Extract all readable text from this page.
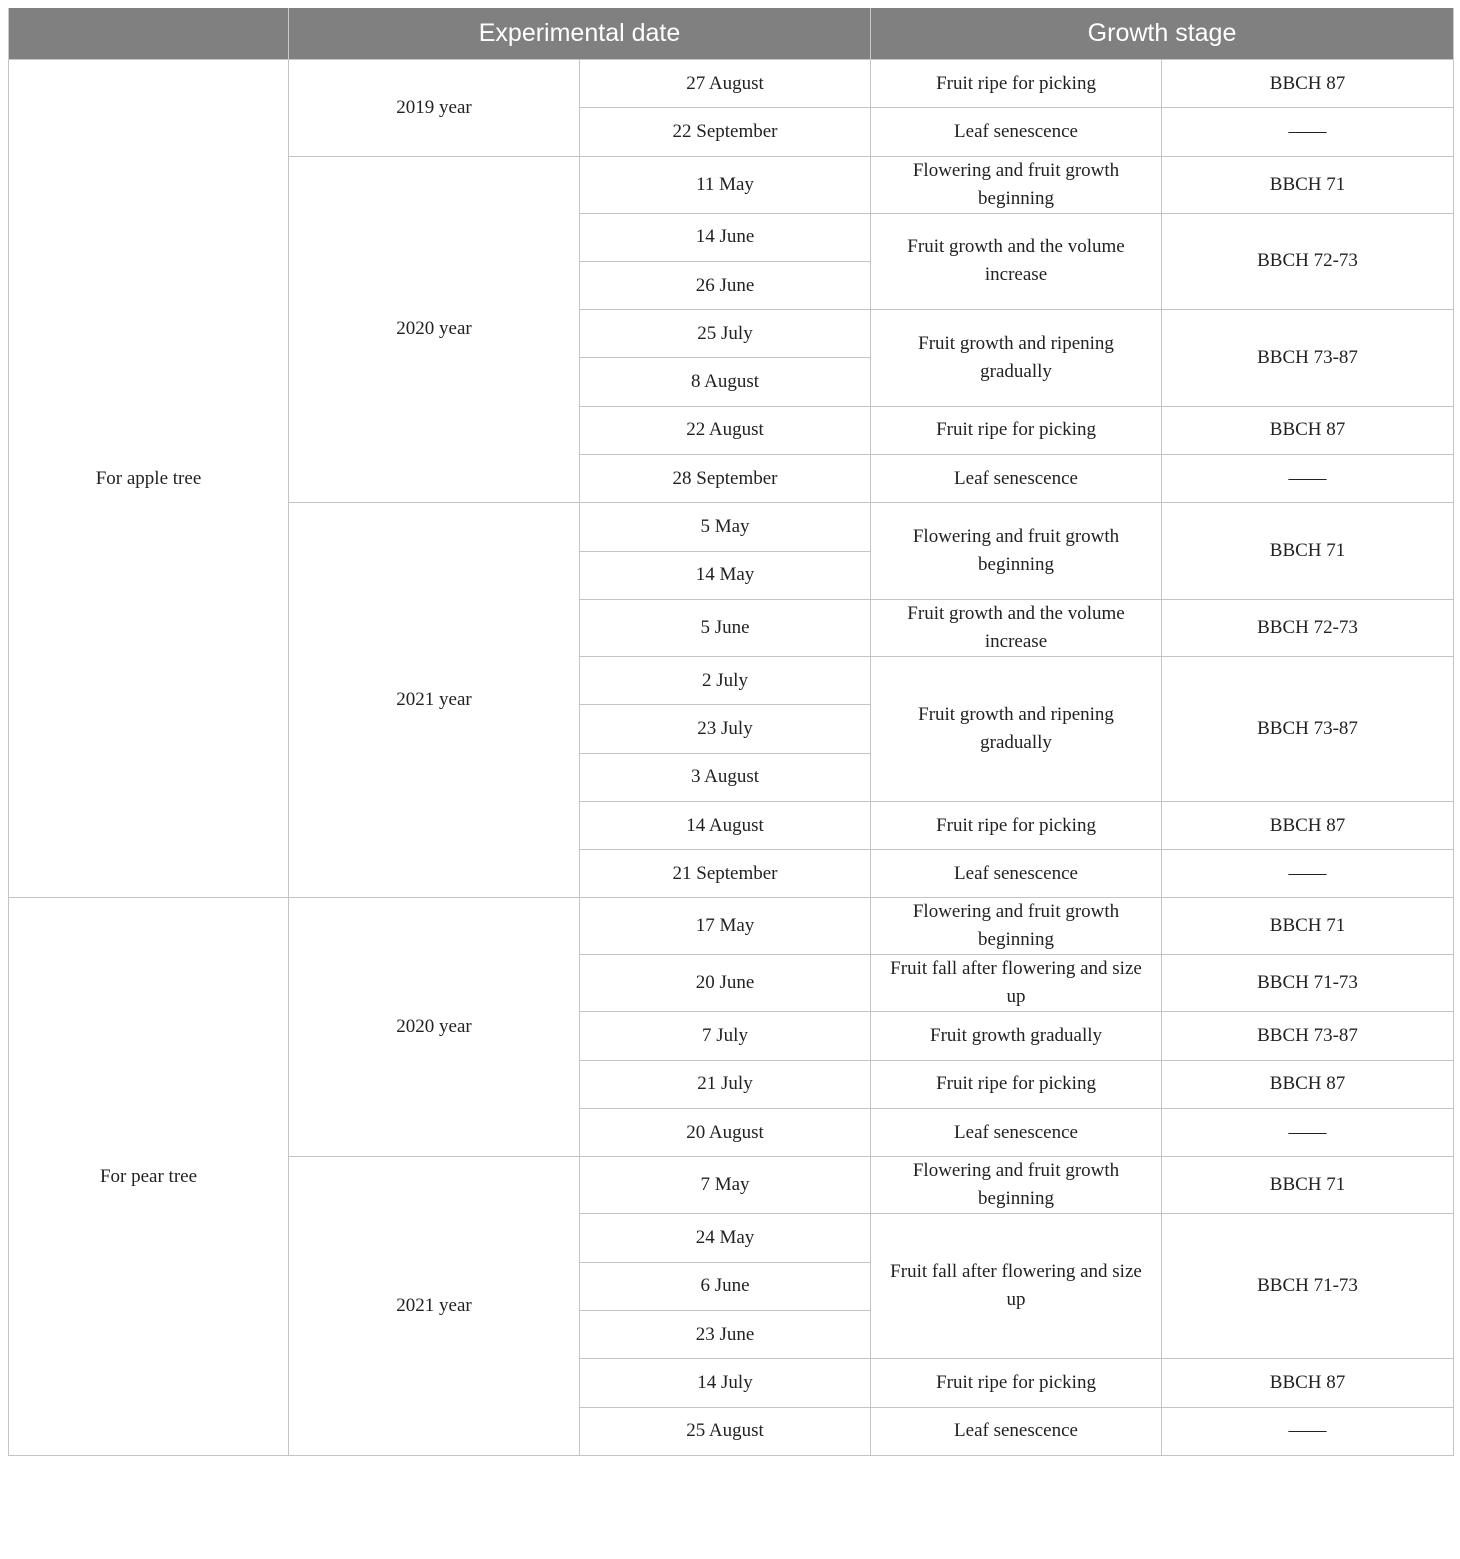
	Experimental date		Growth stage	
For apple tree	2019 year	27 August	Fruit ripe for picking	BBCH 87
		22 September	Leaf senescence	——
	2020 year	11 May	Flowering and fruit growth beginning	BBCH 71
		14 June	Fruit growth and the volume increase	BBCH 72-73
		26 June		
		25 July	Fruit growth and ripening gradually	BBCH 73-87
		8 August		
		22 August	Fruit ripe for picking	BBCH 87
		28 September	Leaf senescence	——
	2021 year	5 May	Flowering and fruit growth beginning	BBCH 71
		14 May		
		5 June	Fruit growth and the volume increase	BBCH 72-73
		2 July	Fruit growth and ripening gradually	BBCH 73-87
		23 July		
		3 August		
		14 August	Fruit ripe for picking	BBCH 87
		21 September	Leaf senescence	——
For pear tree	2020 year	17 May	Flowering and fruit growth beginning	BBCH 71
		20 June	Fruit fall after flowering and size up	BBCH 71-73
		7 July	Fruit growth gradually	BBCH 73-87
		21 July	Fruit ripe for picking	BBCH 87
		20 August	Leaf senescence	——
	2021 year	7 May	Flowering and fruit growth beginning	BBCH 71
		24 May	Fruit fall after flowering and size up	BBCH 71-73
		6 June		
		23 June		
		14 July	Fruit ripe for picking	BBCH 87
		25 August	Leaf senescence	——
